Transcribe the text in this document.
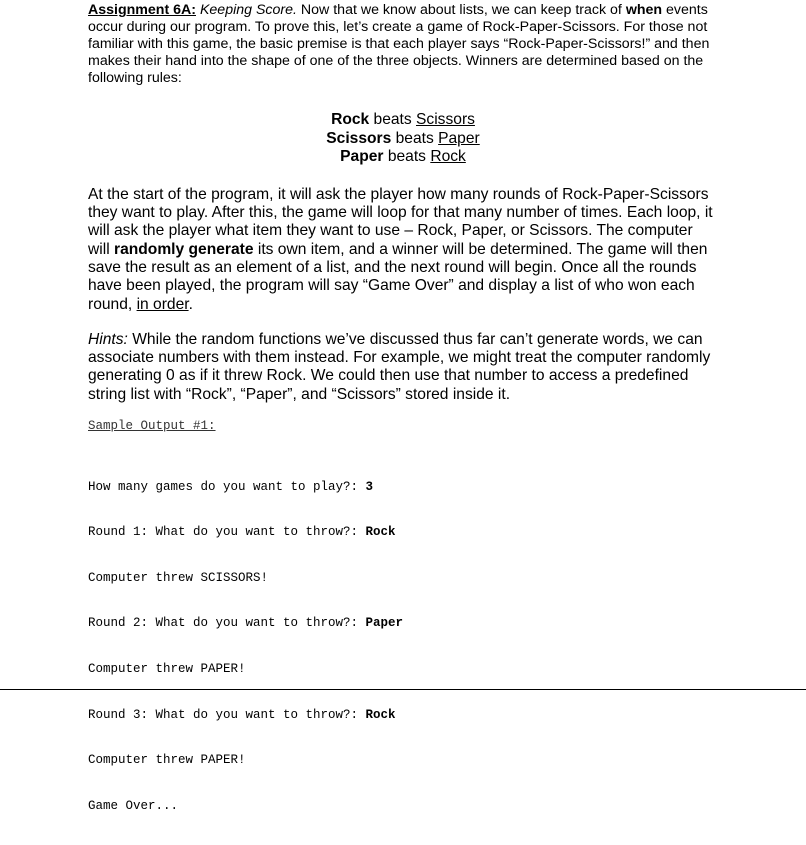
Assignment 6A: Keeping Score. Now that we know about lists, we can keep track of when events occur during our program. To prove this, let’s create a game of Rock-Paper-Scissors. For those not familiar with this game, the basic premise is that each player says “Rock-Paper-Scissors!” and then makes their hand into the shape of one of the three objects. Winners are determined based on the following rules:

Rock beats Scissors
Scissors beats Paper
Paper beats Rock

At the start of the program, it will ask the player how many rounds of Rock-Paper-Scissors they want to play. After this, the game will loop for that many number of times. Each loop, it will ask the player what item they want to use – Rock, Paper, or Scissors. The computer will randomly generate its own item, and a winner will be determined. The game will then save the result as an element of a list, and the next round will begin. Once all the rounds have been played, the program will say “Game Over” and display a list of who won each round, in order.

Hints: While the random functions we’ve discussed thus far can’t generate words, we can associate numbers with them instead. For example, we might treat the computer randomly generating 0 as if it threw Rock. We could then use that number to access a predefined string list with “Rock”, “Paper”, and “Scissors” stored inside it.

Sample Output #1:

How many games do you want to play?: 3

Round 1: What do you want to throw?: Rock

Computer threw SCISSORS!

Round 2: What do you want to throw?: Paper

Computer threw PAPER!

Round 3: What do you want to throw?: Rock

Computer threw PAPER!

Game Over...
